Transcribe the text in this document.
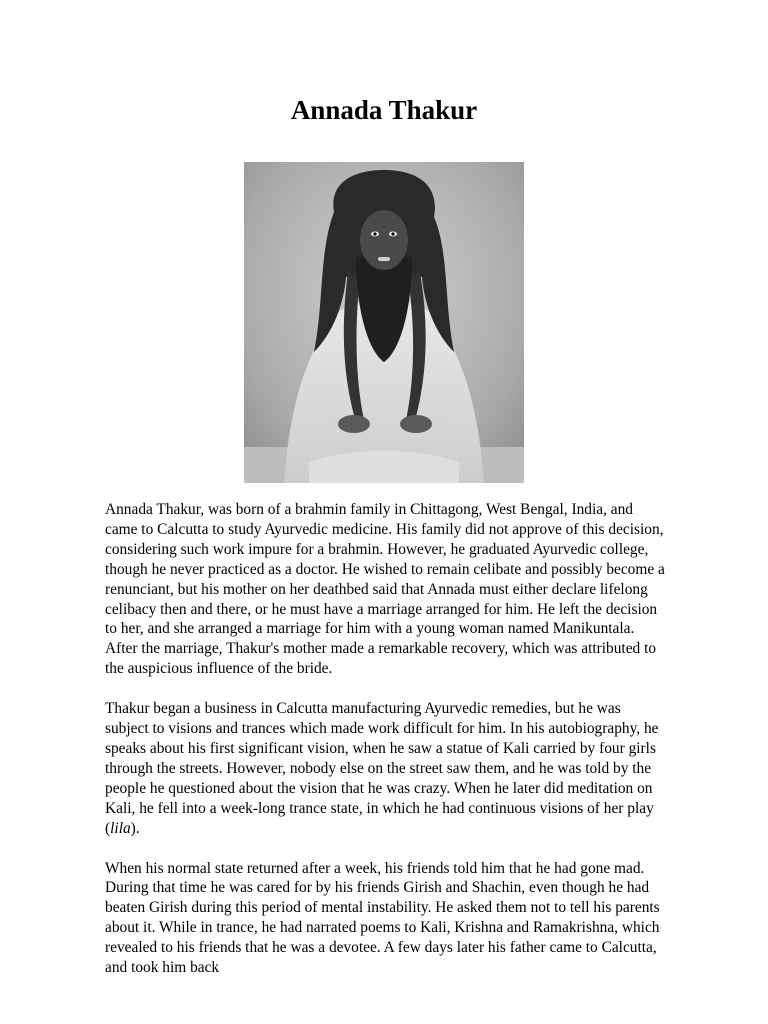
Annada Thakur

Annada Thakur, was born of a brahmin family in Chittagong, West Bengal, India, and came to Calcutta to study Ayurvedic medicine. His family did not approve of this decision, considering such work impure for a brahmin. However, he graduated Ayurvedic college, though he never practiced as a doctor. He wished to remain celibate and possibly become a renunciant, but his mother on her deathbed said that Annada must either declare lifelong celibacy then and there, or he must have a marriage arranged for him. He left the decision to her, and she arranged a marriage for him with a young woman named Manikuntala. After the marriage, Thakur's mother made a remarkable recovery, which was attributed to the auspicious influence of the bride.

Thakur began a business in Calcutta manufacturing Ayurvedic remedies, but he was subject to visions and trances which made work difficult for him. In his autobiography, he speaks about his first significant vision, when he saw a statue of Kali carried by four girls through the streets. However, nobody else on the street saw them, and he was told by the people he questioned about the vision that he was crazy. When he later did meditation on Kali, he fell into a week-long trance state, in which he had continuous visions of her play (lila).

When his normal state returned after a week, his friends told him that he had gone mad. During that time he was cared for by his friends Girish and Shachin, even though he had beaten Girish during this period of mental instability. He asked them not to tell his parents about it. While in trance, he had narrated poems to Kali, Krishna and Ramakrishna, which revealed to his friends that he was a devotee. A few days later his father came to Calcutta, and took him back
